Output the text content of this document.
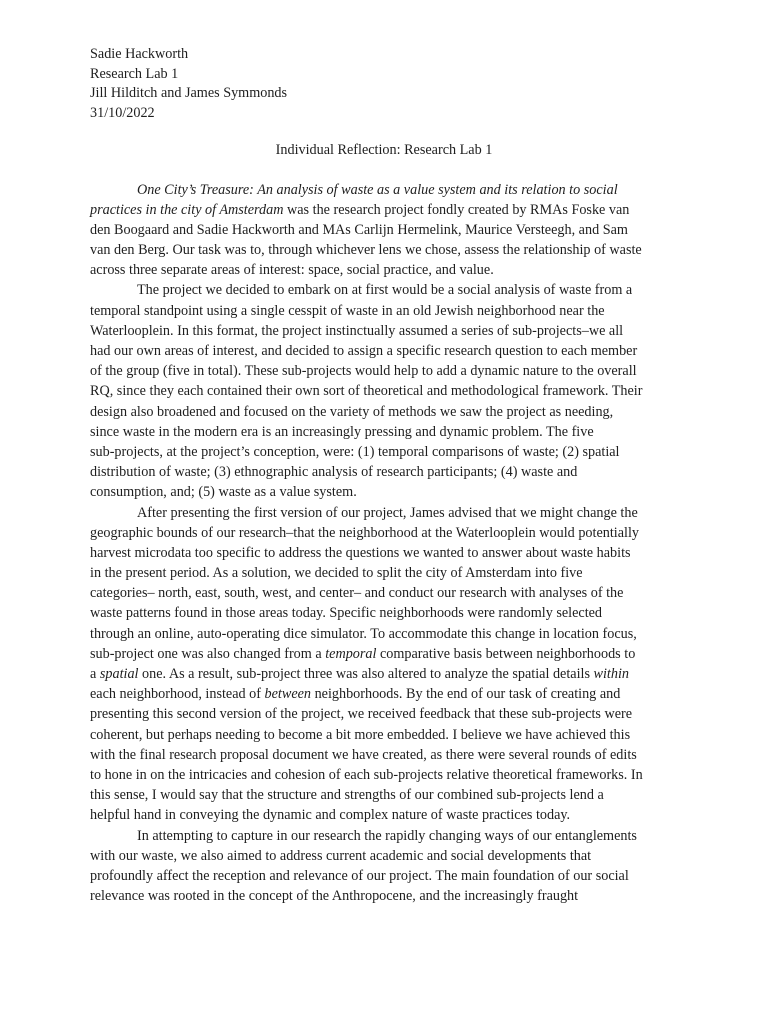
Sadie Hackworth
Research Lab 1
Jill Hilditch and James Symmonds
31/10/2022
Individual Reflection: Research Lab 1
One City’s Treasure: An analysis of waste as a value system and its relation to social
practices in the city of Amsterdam was the research project fondly created by RMAs Foske van
den Boogaard and Sadie Hackworth and MAs Carlijn Hermelink, Maurice Versteegh, and Sam
van den Berg. Our task was to, through whichever lens we chose, assess the relationship of waste
across three separate areas of interest: space, social practice, and value.
The project we decided to embark on at first would be a social analysis of waste from a
temporal standpoint using a single cesspit of waste in an old Jewish neighborhood near the
Waterlooplein. In this format, the project instinctually assumed a series of sub-projects–we all
had our own areas of interest, and decided to assign a specific research question to each member
of the group (five in total). These sub-projects would help to add a dynamic nature to the overall
RQ, since they each contained their own sort of theoretical and methodological framework. Their
design also broadened and focused on the variety of methods we saw the project as needing,
since waste in the modern era is an increasingly pressing and dynamic problem. The five
sub-projects, at the project’s conception, were: (1) temporal comparisons of waste; (2) spatial
distribution of waste; (3) ethnographic analysis of research participants; (4) waste and
consumption, and; (5) waste as a value system.
After presenting the first version of our project, James advised that we might change the
geographic bounds of our research–that the neighborhood at the Waterlooplein would potentially
harvest microdata too specific to address the questions we wanted to answer about waste habits
in the present period. As a solution, we decided to split the city of Amsterdam into five
categories– north, east, south, west, and center– and conduct our research with analyses of the
waste patterns found in those areas today. Specific neighborhoods were randomly selected
through an online, auto-operating dice simulator. To accommodate this change in location focus,
sub-project one was also changed from a temporal comparative basis between neighborhoods to
a spatial one. As a result, sub-project three was also altered to analyze the spatial details within
each neighborhood, instead of between neighborhoods. By the end of our task of creating and
presenting this second version of the project, we received feedback that these sub-projects were
coherent, but perhaps needing to become a bit more embedded. I believe we have achieved this
with the final research proposal document we have created, as there were several rounds of edits
to hone in on the intricacies and cohesion of each sub-projects relative theoretical frameworks. In
this sense, I would say that the structure and strengths of our combined sub-projects lend a
helpful hand in conveying the dynamic and complex nature of waste practices today.
In attempting to capture in our research the rapidly changing ways of our entanglements
with our waste, we also aimed to address current academic and social developments that
profoundly affect the reception and relevance of our project. The main foundation of our social
relevance was rooted in the concept of the Anthropocene, and the increasingly fraught
